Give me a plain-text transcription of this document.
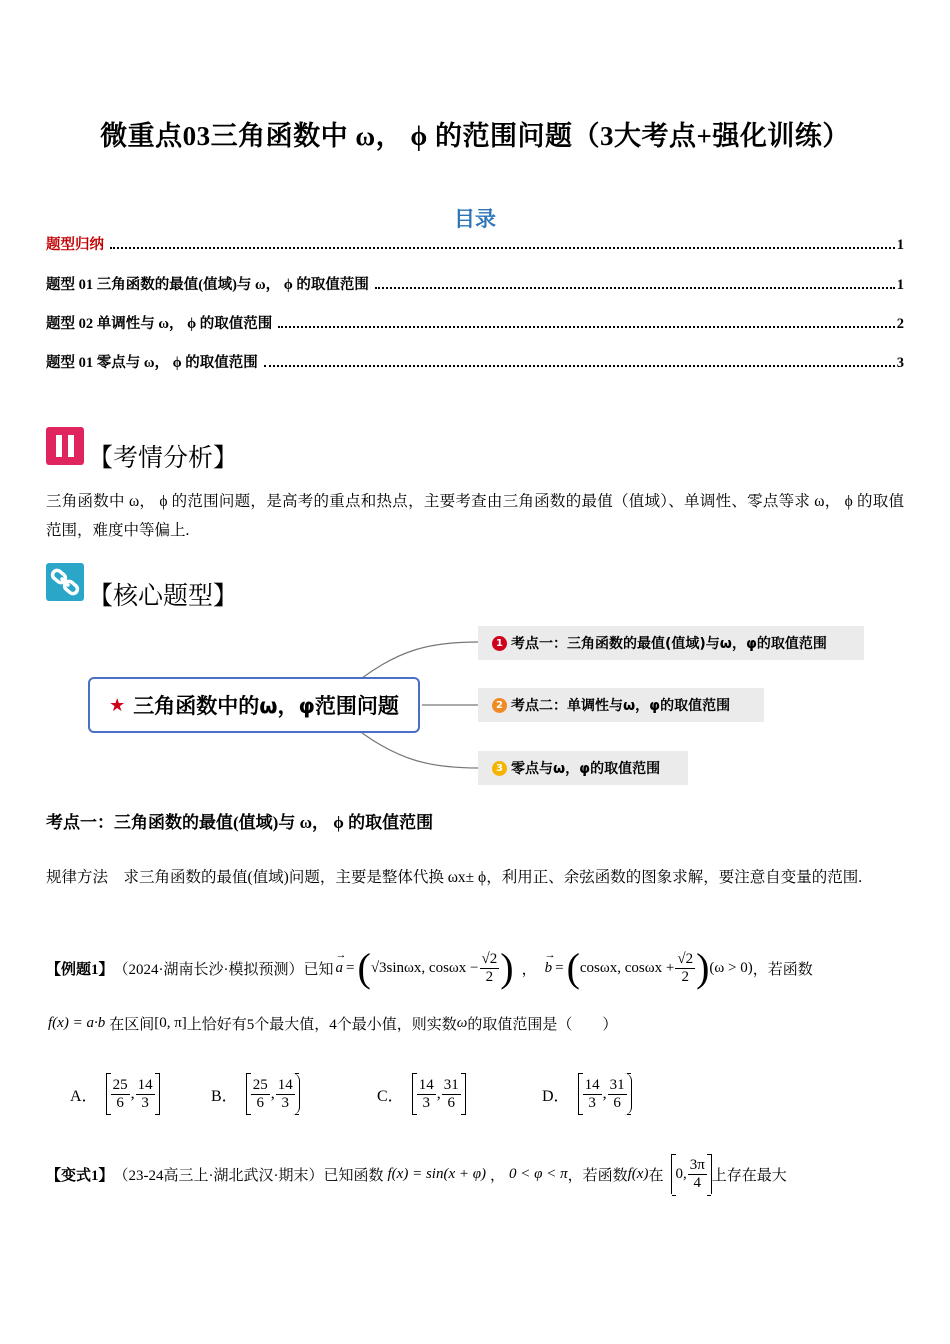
微重点03三角函数中 ω， ϕ 的范围问题（3大考点+强化训练）
目录
题型归纳	1
题型 01 三角函数的最值(值域)与 ω， ϕ 的取值范围	1
题型 02 单调性与 ω， ϕ 的取值范围	2
题型 01 零点与 ω， ϕ 的取值范围	3
【考情分析】
三角函数中 ω， ϕ 的范围问题，是高考的重点和热点，主要考查由三角函数的最值（值域）、单调性、零点等求 ω， ϕ 的取值范围，难度中等偏上.
【核心题型】
★ 三角函数中的ω，φ范围问题
1 考点一：三角函数的最值(值域)与ω，φ的取值范围
2 考点二：单调性与ω，φ的取值范围
3 零点与ω，φ的取值范围
考点一：三角函数的最值(值域)与 ω， ϕ 的取值范围
规律方法　求三角函数的最值(值域)问题，主要是整体代换 ωx± ϕ，利用正、余弦函数的图象求解，要注意自变量的范围.
【例题1】 （2024·湖南长沙·模拟预测）已知
→
a = ( √3sinωx, $\cos\omega x - \frac{√2}{2}$ ) ，
→
b = ( cosωx, $\cos\omega x + \frac{√2}{2}$ ) (ω > 0) ，若函数
f(x) = a·b 在区间 [0, π] 上恰好有5个最大值，4个最小值，则实数 ω 的取值范围是（　　）
A． $\frac{25}{6}$ , $\frac{14}{3}$	B． $\frac{25}{6}$ , $\frac{14}{3}$	C． $\frac{14}{3}$ , $\frac{31}{6}$	D． $\frac{14}{3}$ , $\frac{31}{6}$
【变式1】 （23-24高三上·湖北武汉·期末）已知函数 f(x) = sin(x + φ) ， 0 < φ < π ，若函数 f(x) 在 0, $\frac{3\pi}{4}$ 上存在最大
